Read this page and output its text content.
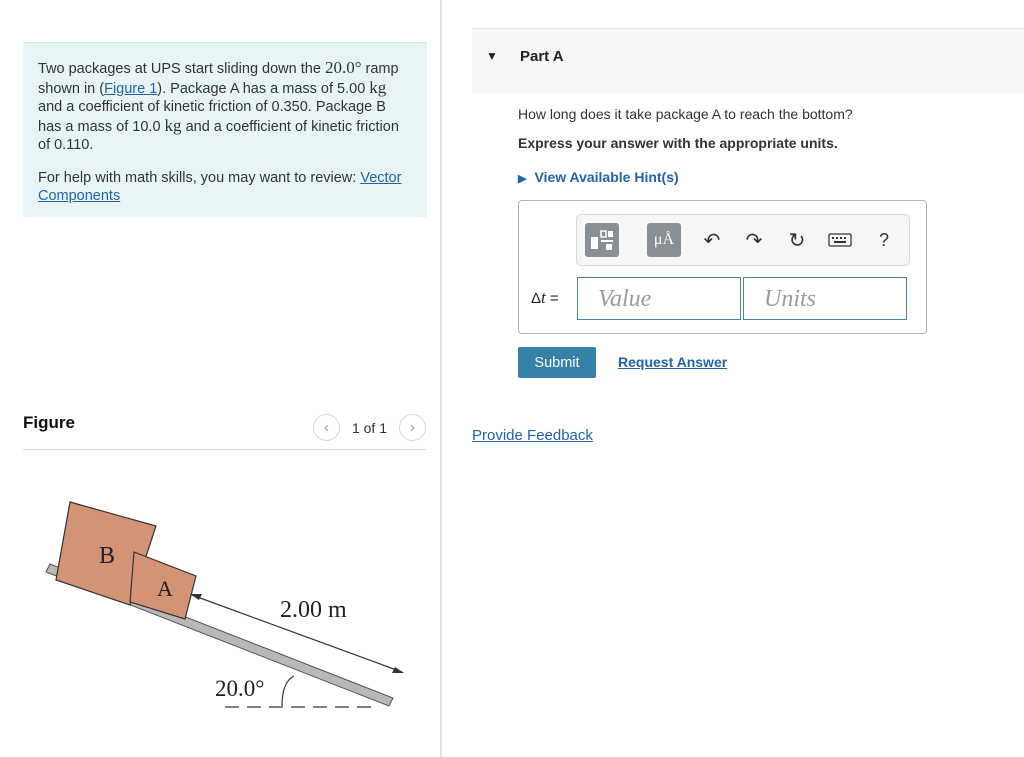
Two packages at UPS start sliding down the 20.0° ramp shown in (Figure 1). Package A has a mass of 5.00 kg and a coefficient of kinetic friction of 0.350. Package B has a mass of 10.0 kg and a coefficient of kinetic friction of 0.110.

For help with math skills, you may want to review: Vector Components

Figure	‹	1 of 1	›
B
A
2.00 m
20.0°
▼ Part A
How long does it take package A to reach the bottom?
Express your answer with the appropriate units.
▶ View Available Hint(s)
μÅ	↶	↷	↻	?
Δt =	Value	Units
Submit	Request Answer
Provide Feedback
